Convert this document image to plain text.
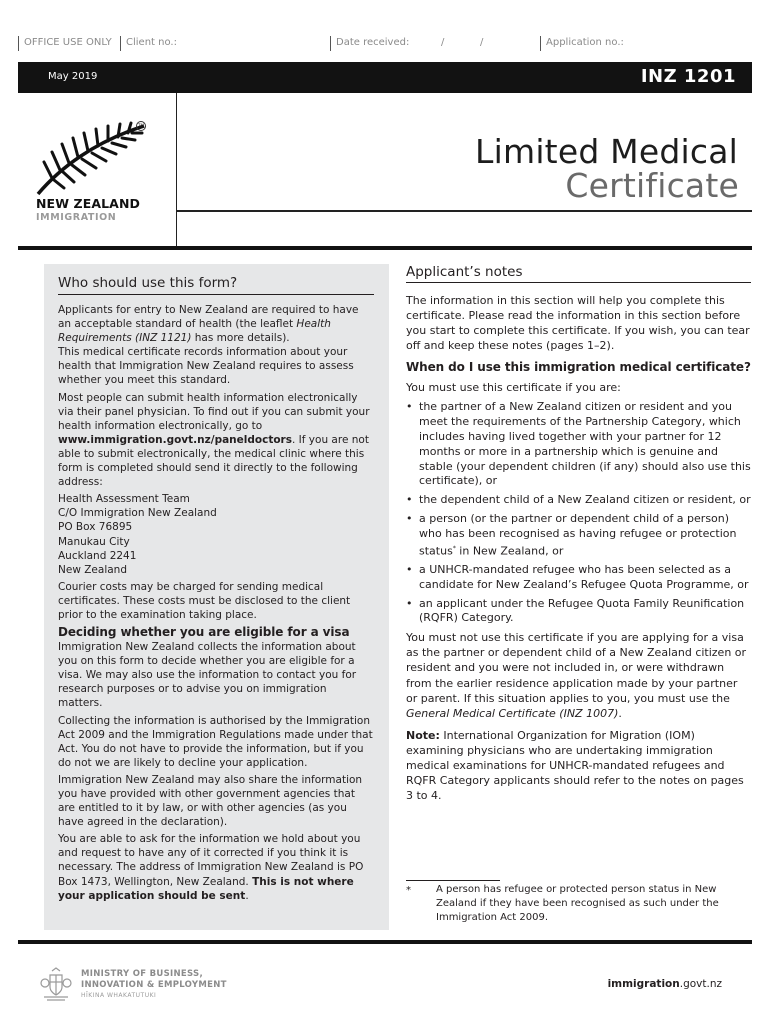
OFFICE USE ONLY	Client no.:	Date received:	/	/	Application no.:
May 2019	INZ 1201
TM
NEW ZEALAND
IMMIGRATION
Limited Medical
Certificate
Who should use this form?

Applicants for entry to New Zealand are required to have an acceptable standard of health (the leaflet Health Requirements (INZ 1121) has more details).
This medical certificate records information about your health that Immigration New Zealand requires to assess whether you meet this standard.

Most people can submit health information electronically via their panel physician. To find out if you can submit your health information electronically, go to www.immigration.govt.nz/paneldoctors. If you are not able to submit electronically, the medical clinic where this form is completed should send it directly to the following address:

Health Assessment Team

C/O Immigration New Zealand

PO Box 76895

Manukau City

Auckland 2241

New Zealand

Courier costs may be charged for sending medical certificates. These costs must be disclosed to the client prior to the examination taking place.

Deciding whether you are eligible for a visa

Immigration New Zealand collects the information about you on this form to decide whether you are eligible for a visa. We may also use the information to contact you for research purposes or to advise you on immigration matters.

Collecting the information is authorised by the Immigration Act 2009 and the Immigration Regulations made under that Act. You do not have to provide the information, but if you do not we are likely to decline your application.

Immigration New Zealand may also share the information you have provided with other government agencies that are entitled to it by law, or with other agencies (as you have agreed in the declaration).

You are able to ask for the information we hold about you and request to have any of it corrected if you think it is necessary. The address of Immigration New Zealand is PO Box 1473, Wellington, New Zealand. This is not where your application should be sent.

Applicant’s notes

The information in this section will help you complete this certificate. Please read the information in this section before you start to complete this certificate. If you wish, you can tear off and keep these notes (pages 1–2).

When do I use this immigration medical certificate?

You must use this certificate if you are:

• the partner of a New Zealand citizen or resident and you meet the requirements of the Partnership Category, which includes having lived together with your partner for 12 months or more in a partnership which is genuine and stable (your dependent children (if any) should also use this certificate), or
• the dependent child of a New Zealand citizen or resident, or
• a person (or the partner or dependent child of a person) who has been recognised as having refugee or protection status* in New Zealand, or
• a UNHCR-mandated refugee who has been selected as a candidate for New Zealand’s Refugee Quota Programme, or
• an applicant under the Refugee Quota Family Reunification (RQFR) Category.

You must not use this certificate if you are applying for a visa as the partner or dependent child of a New Zealand citizen or resident and you were not included in, or were withdrawn from the earlier residence application made by your partner or parent. If this situation applies to you, you must use the General Medical Certificate (INZ 1007).

Note: International Organization for Migration (IOM) examining physicians who are undertaking immigration medical examinations for UNHCR-mandated refugees and RQFR Category applicants should refer to the notes on pages 3 to 4.

*	A person has refugee or protected person status in New Zealand if they have been recognised as such under the Immigration Act 2009.
MINISTRY OF BUSINESS,
INNOVATION & EMPLOYMENT
HĪKINA WHAKATUTUKI
immigration.govt.nz
